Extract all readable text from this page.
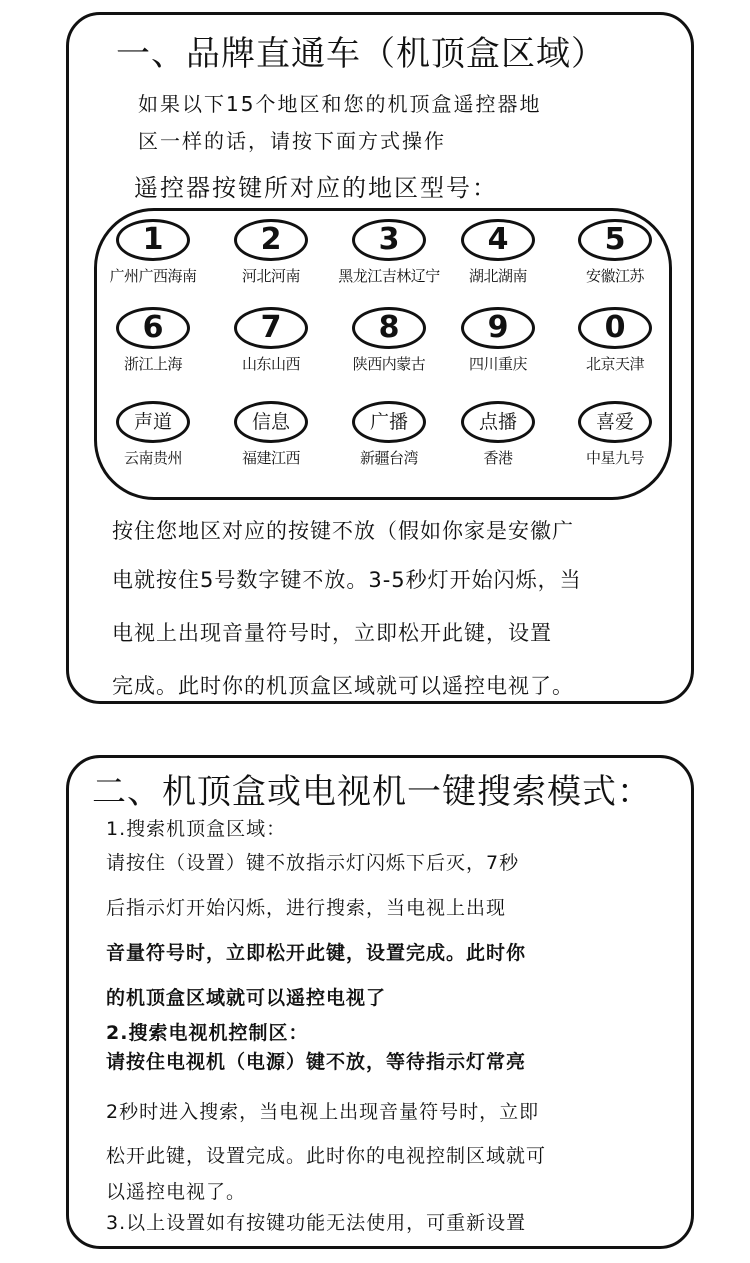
一、品牌直通车（机顶盒区域）
如果以下15个地区和您的机顶盒遥控器地
区一样的话，请按下面方式操作
遥控器按键所对应的地区型号：
1
广州广西海南
2
河北河南
3
黑龙江吉林辽宁
4
湖北湖南
5
安徽江苏
6
浙江上海
7
山东山西
8
陕西内蒙古
9
四川重庆
0
北京天津
声道
云南贵州
信息
福建江西
广播
新疆台湾
点播
香港
喜爱
中星九号
按住您地区对应的按键不放（假如你家是安徽广
电就按住5号数字键不放。3-5秒灯开始闪烁，当
电视上出现音量符号时，立即松开此键，设置
完成。此时你的机顶盒区域就可以遥控电视了。
二、机顶盒或电视机一键搜索模式：
1.搜索机顶盒区域：
请按住（设置）键不放指示灯闪烁下后灭，7秒
后指示灯开始闪烁，进行搜索，当电视上出现
音量符号时，立即松开此键，设置完成。此时你
的机顶盒区域就可以遥控电视了
2.搜索电视机控制区：
请按住电视机（电源）键不放，等待指示灯常亮
2秒时进入搜索，当电视上出现音量符号时，立即
松开此键，设置完成。此时你的电视控制区域就可
以遥控电视了。
3.以上设置如有按键功能无法使用，可重新设置
